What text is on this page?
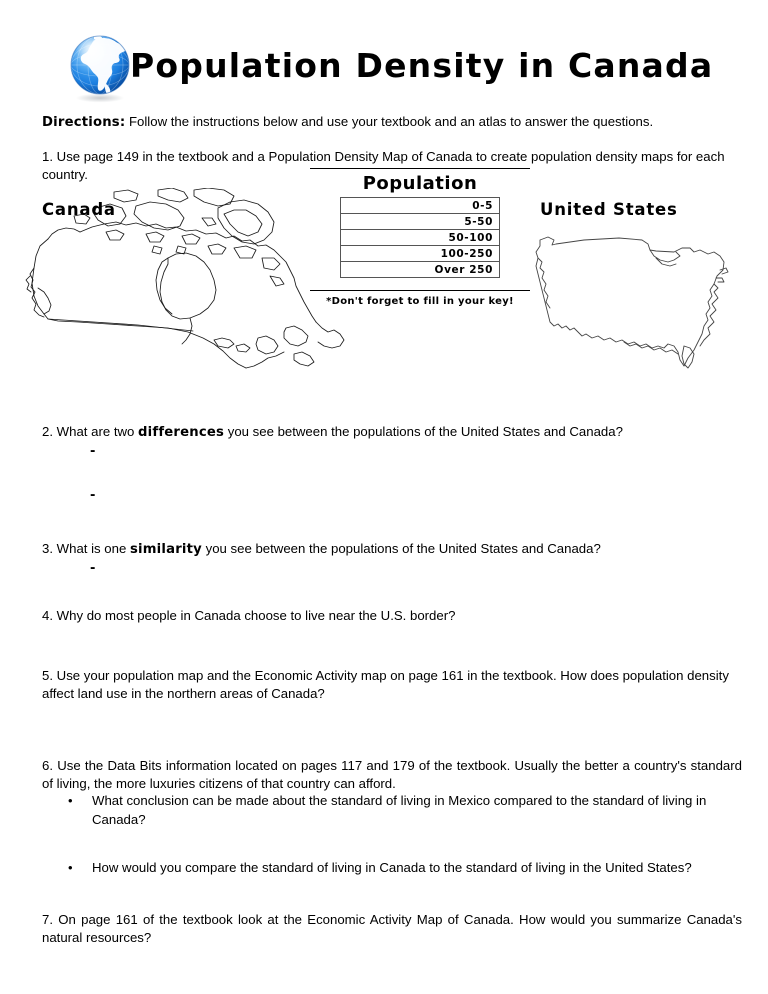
Population Density in Canada
Directions: Follow the instructions below and use your textbook and an atlas to answer the questions.
1. Use page 149 in the textbook and a Population Density Map of Canada to create population density maps for each country.
Canada	United States
Population
0-5
5-50
50-100
100-250
Over 250
*Don't forget to fill in your key!
2. What are two differences you see between the populations of the United States and Canada?
-
-
3. What is one similarity you see between the populations of the United States and Canada?
-
4. Why do most people in Canada choose to live near the U.S. border?
5. Use your population map and the Economic Activity map on page 161 in the textbook. How does population density affect land use in the northern areas of Canada?
6. Use the Data Bits information located on pages 117 and 179 of the textbook. Usually the better a country's standard of living, the more luxuries citizens of that country can afford.
• What conclusion can be made about the standard of living in Mexico compared to the standard of living in Canada?
• How would you compare the standard of living in Canada to the standard of living in the United States?
7. On page 161 of the textbook look at the Economic Activity Map of Canada. How would you summarize Canada's natural resources?
